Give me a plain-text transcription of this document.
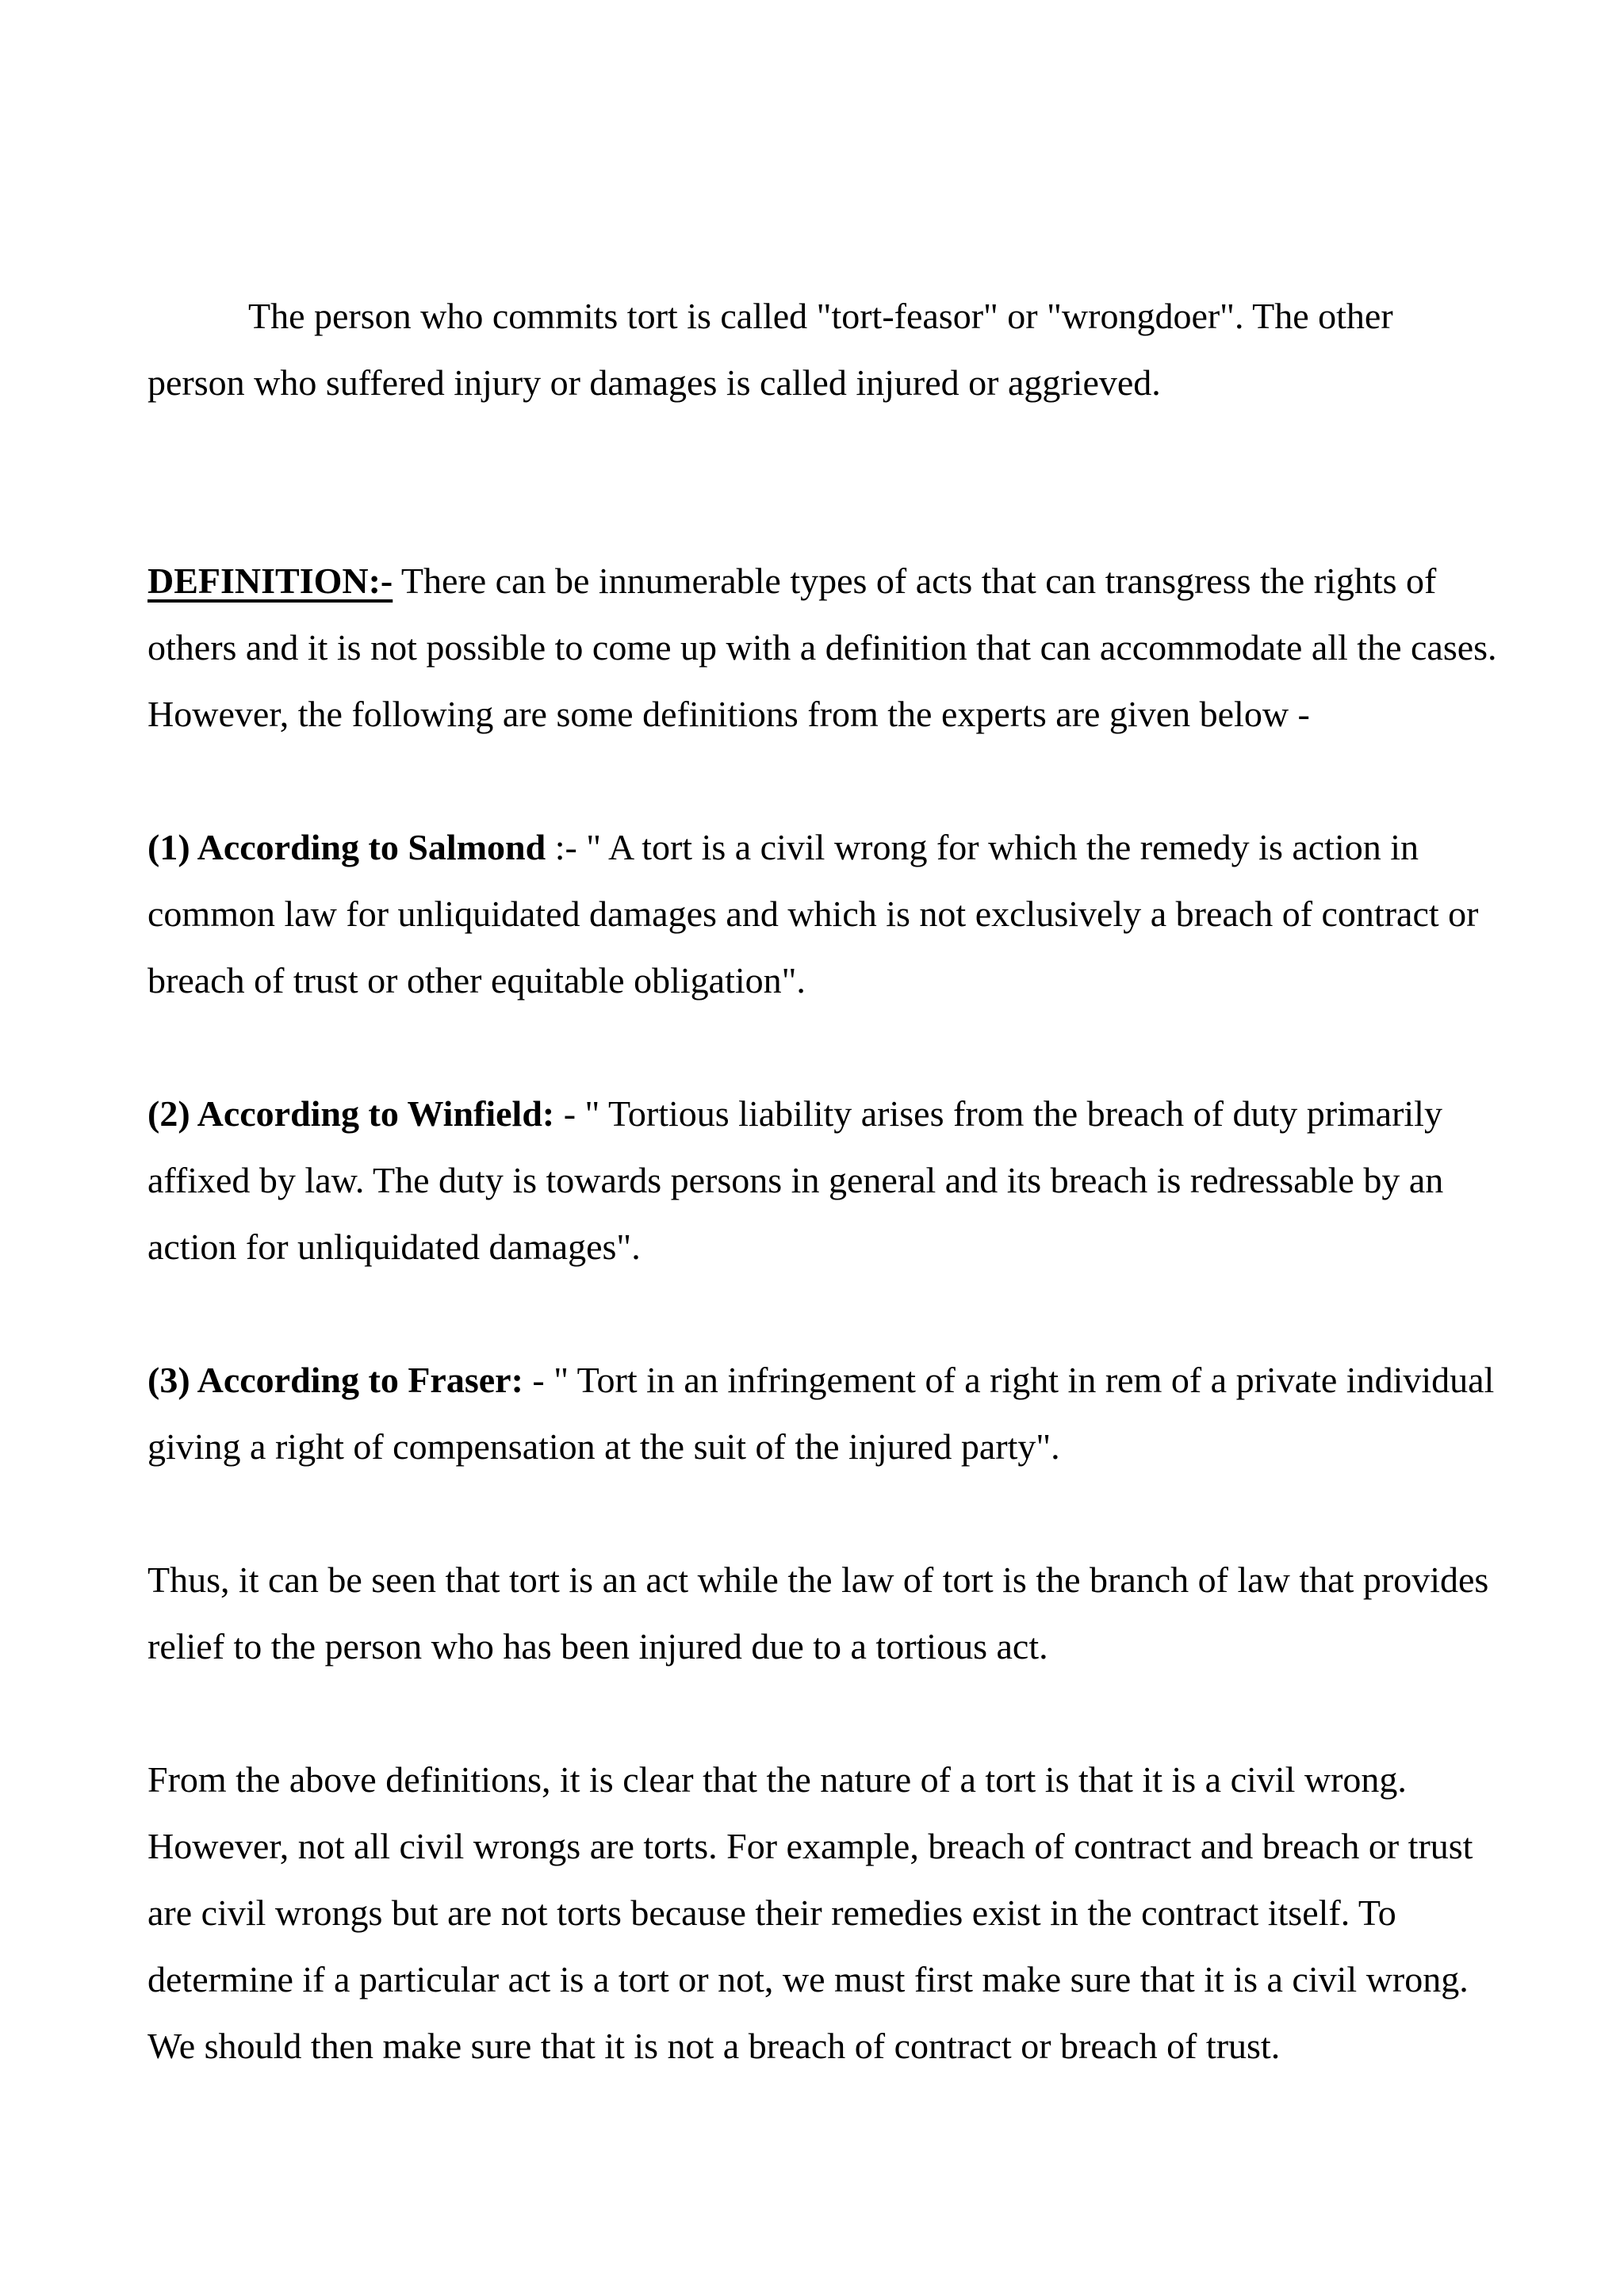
The person who commits tort is called "tort-feasor" or "wrongdoer". The other person who suffered injury or damages is called injured or aggrieved.

DEFINITION:- There can be innumerable types of acts that can transgress the rights of others and it is not possible to come up with a definition that can accommodate all the cases. However, the following are some definitions from the experts are given below -

(1) According to Salmond :- " A tort is a civil wrong for which the remedy is action in common law for unliquidated damages and which is not exclusively a breach of contract or breach of trust or other equitable obligation".

(2) According to Winfield: - " Tortious liability arises from the breach of duty primarily affixed by law. The duty is towards persons in general and its breach is redressable by an action for unliquidated damages".

(3) According to Fraser: - " Tort in an infringement of a right in rem of a private individual giving a right of compensation at the suit of the injured party".

Thus, it can be seen that tort is an act while the law of tort is the branch of law that provides relief to the person who has been injured due to a tortious act.

From the above definitions, it is clear that the nature of a tort is that it is a civil wrong. However, not all civil wrongs are torts. For example, breach of contract and breach or trust are civil wrongs but are not torts because their remedies exist in the contract itself. To determine if a particular act is a tort or not, we must first make sure that it is a civil wrong. We should then make sure that it is not a breach of contract or breach of trust.
